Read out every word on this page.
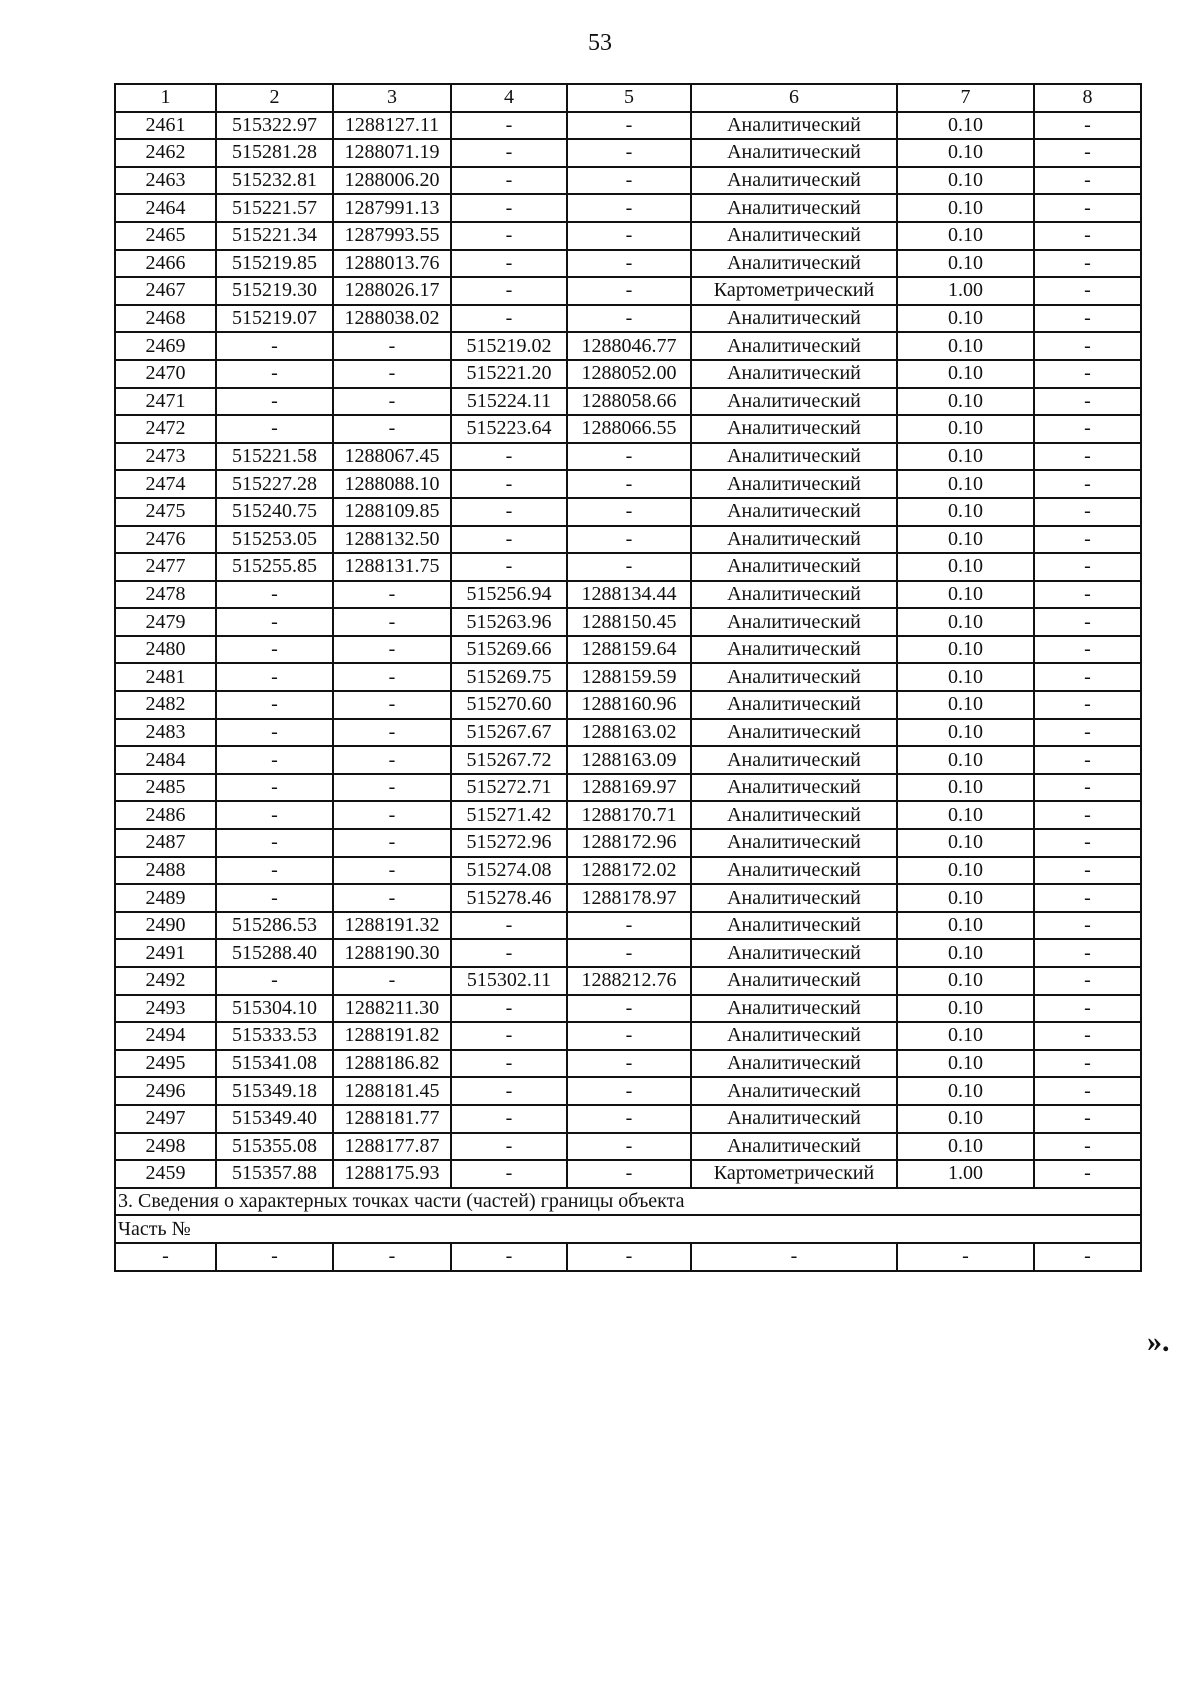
53
1	2	3	4	5	6	7	8
2461	515322.97	1288127.11	-	-	Аналитический	0.10	-
2462	515281.28	1288071.19	-	-	Аналитический	0.10	-
2463	515232.81	1288006.20	-	-	Аналитический	0.10	-
2464	515221.57	1287991.13	-	-	Аналитический	0.10	-
2465	515221.34	1287993.55	-	-	Аналитический	0.10	-
2466	515219.85	1288013.76	-	-	Аналитический	0.10	-
2467	515219.30	1288026.17	-	-	Картометрический	1.00	-
2468	515219.07	1288038.02	-	-	Аналитический	0.10	-
2469	-	-	515219.02	1288046.77	Аналитический	0.10	-
2470	-	-	515221.20	1288052.00	Аналитический	0.10	-
2471	-	-	515224.11	1288058.66	Аналитический	0.10	-
2472	-	-	515223.64	1288066.55	Аналитический	0.10	-
2473	515221.58	1288067.45	-	-	Аналитический	0.10	-
2474	515227.28	1288088.10	-	-	Аналитический	0.10	-
2475	515240.75	1288109.85	-	-	Аналитический	0.10	-
2476	515253.05	1288132.50	-	-	Аналитический	0.10	-
2477	515255.85	1288131.75	-	-	Аналитический	0.10	-
2478	-	-	515256.94	1288134.44	Аналитический	0.10	-
2479	-	-	515263.96	1288150.45	Аналитический	0.10	-
2480	-	-	515269.66	1288159.64	Аналитический	0.10	-
2481	-	-	515269.75	1288159.59	Аналитический	0.10	-
2482	-	-	515270.60	1288160.96	Аналитический	0.10	-
2483	-	-	515267.67	1288163.02	Аналитический	0.10	-
2484	-	-	515267.72	1288163.09	Аналитический	0.10	-
2485	-	-	515272.71	1288169.97	Аналитический	0.10	-
2486	-	-	515271.42	1288170.71	Аналитический	0.10	-
2487	-	-	515272.96	1288172.96	Аналитический	0.10	-
2488	-	-	515274.08	1288172.02	Аналитический	0.10	-
2489	-	-	515278.46	1288178.97	Аналитический	0.10	-
2490	515286.53	1288191.32	-	-	Аналитический	0.10	-
2491	515288.40	1288190.30	-	-	Аналитический	0.10	-
2492	-	-	515302.11	1288212.76	Аналитический	0.10	-
2493	515304.10	1288211.30	-	-	Аналитический	0.10	-
2494	515333.53	1288191.82	-	-	Аналитический	0.10	-
2495	515341.08	1288186.82	-	-	Аналитический	0.10	-
2496	515349.18	1288181.45	-	-	Аналитический	0.10	-
2497	515349.40	1288181.77	-	-	Аналитический	0.10	-
2498	515355.08	1288177.87	-	-	Аналитический	0.10	-
2459	515357.88	1288175.93	-	-	Картометрический	1.00	-
3. Сведения о характерных точках части (частей) границы объекта							
Часть №							
-	-	-	-	-	-	-	-
».
